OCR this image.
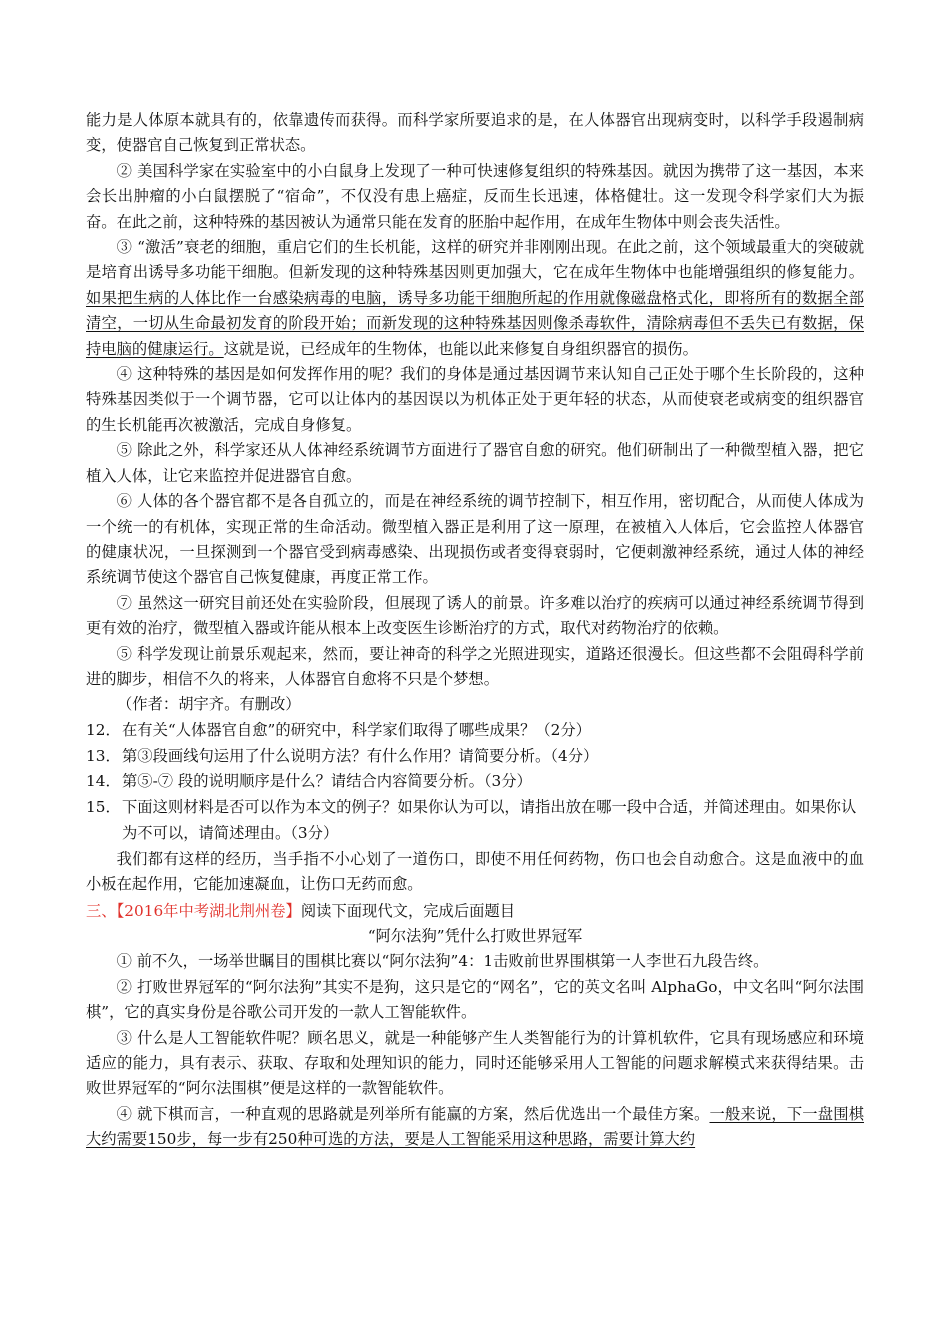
能力是人体原本就具有的，依靠遗传而获得。而科学家所要追求的是，在人体器官出现病变时，以科学手段遏制病变，使器官自己恢复到正常状态。

② 美国科学家在实验室中的小白鼠身上发现了一种可快速修复组织的特殊基因。就因为携带了这一基因，本来会长出肿瘤的小白鼠摆脱了“宿命”，不仅没有患上癌症，反而生长迅速，体格健壮。这一发现令科学家们大为振奋。在此之前，这种特殊的基因被认为通常只能在发育的胚胎中起作用，在成年生物体中则会丧失活性。

③ “激活”衰老的细胞，重启它们的生长机能，这样的研究并非刚刚出现。在此之前，这个领域最重大的突破就是培育出诱导多功能干细胞。但新发现的这种特殊基因则更加强大，它在成年生物体中也能增强组织的修复能力。如果把生病的人体比作一台感染病毒的电脑，诱导多功能干细胞所起的作用就像磁盘格式化，即将所有的数据全部清空，一切从生命最初发育的阶段开始；而新发现的这种特殊基因则像杀毒软件，清除病毒但不丢失已有数据，保持电脑的健康运行。这就是说，已经成年的生物体，也能以此来修复自身组织器官的损伤。

④ 这种特殊的基因是如何发挥作用的呢？我们的身体是通过基因调节来认知自己正处于哪个生长阶段的，这种特殊基因类似于一个调节器，它可以让体内的基因误以为机体正处于更年轻的状态，从而使衰老或病变的组织器官的生长机能再次被激活，完成自身修复。

⑤ 除此之外，科学家还从人体神经系统调节方面进行了器官自愈的研究。他们研制出了一种微型植入器，把它植入人体，让它来监控并促进器官自愈。

⑥ 人体的各个器官都不是各自孤立的，而是在神经系统的调节控制下，相互作用，密切配合，从而使人体成为一个统一的有机体，实现正常的生命活动。微型植入器正是利用了这一原理，在被植入人体后，它会监控人体器官的健康状况，一旦探测到一个器官受到病毒感染、出现损伤或者变得衰弱时，它便刺激神经系统，通过人体的神经系统调节使这个器官自己恢复健康，再度正常工作。

⑦ 虽然这一研究目前还处在实验阶段，但展现了诱人的前景。许多难以治疗的疾病可以通过神经系统调节得到更有效的治疗，微型植入器或许能从根本上改变医生诊断治疗的方式，取代对药物治疗的依赖。

⑤ 科学发现让前景乐观起来，然而，要让神奇的科学之光照进现实，道路还很漫长。但这些都不会阻碍科学前进的脚步，相信不久的将来，人体器官自愈将不只是个梦想。

（作者：胡宇齐。有删改）

12．在有关“人体器官自愈”的研究中，科学家们取得了哪些成果？（2分）

13．第③段画线句运用了什么说明方法？有什么作用？请简要分析。（4分）

14．第⑤-⑦ 段的说明顺序是什么？请结合内容简要分析。（3分）

15．下面这则材料是否可以作为本文的例子？如果你认为可以，请指出放在哪一段中合适，并简述理由。如果你认为不可以，请简述理由。（3分）

我们都有这样的经历，当手指不小心划了一道伤口，即使不用任何药物，伤口也会自动愈合。这是血液中的血小板在起作用，它能加速凝血，让伤口无药而愈。

三、【2016年中考湖北荆州卷】阅读下面现代文，完成后面题目

“阿尔法狗”凭什么打败世界冠军

① 前不久，一场举世瞩目的围棋比赛以“阿尔法狗”4：1击败前世界围棋第一人李世石九段告终。

② 打败世界冠军的“阿尔法狗”其实不是狗，这只是它的“网名”，它的英文名叫 AlphaGo，中文名叫“阿尔法围棋”，它的真实身份是谷歌公司开发的一款人工智能软件。

③ 什么是人工智能软件呢？顾名思义，就是一种能够产生人类智能行为的计算机软件，它具有现场感应和环境适应的能力，具有表示、获取、存取和处理知识的能力，同时还能够采用人工智能的问题求解模式来获得结果。击败世界冠军的“阿尔法围棋”便是这样的一款智能软件。

④ 就下棋而言，一种直观的思路就是列举所有能赢的方案，然后优选出一个最佳方案。一般来说，下一盘围棋大约需要150步，每一步有250种可选的方法，要是人工智能采用这种思路，需要计算大约
